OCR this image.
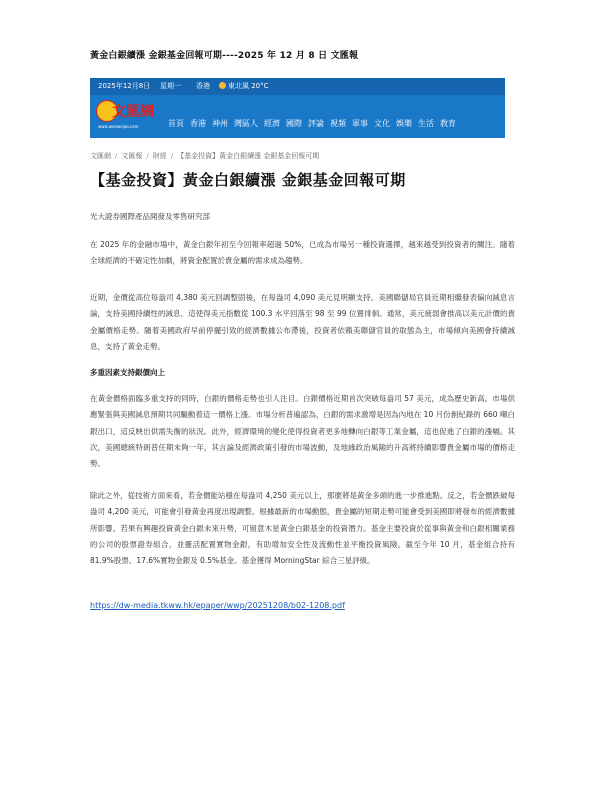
黃金白銀續漲 金銀基金回報可期----2025 年 12 月 8 日 文匯報
2025年12月8日 星期一 香港	東北風 20°C
文匯網
www.wenweipo.com	首頁 香港 神州 灣區人 經濟 國際 評論 視頻 軍事 文化 娛樂 生活 教育
文匯網 / 文匯報 / 財經 / 【基金投資】黃金白銀續漲 金銀基金回報可期
【基金投資】黃金白銀續漲 金銀基金回報可期
光大證券國際產品開發及零售研究部
在 2025 年的金融市場中，黃金白銀年初至今回報率超過 50%，已成為市場另一種投資選擇，越來越受到投資者的關注。隨着全球經濟的不確定性加劇，將資金配置於貴金屬的需求成為趨勢。
近期，金價從高位每盎司 4,380 美元回調整固後，在每盎司 4,090 美元見明顯支持。美國聯儲局官員近期相繼發表偏向減息言論，支持美國持續性的減息，這使得美元指數從 100.3 水平回落至 98 至 99 位置徘徊。通常，美元疲弱會推高以美元計價的貴金屬價格走勢。隨着美國政府早前停擺引致的經濟數據公布滯後，投資者依賴美聯儲官員的取態為主，市場傾向美國會持續減息，支持了黃金走勢。
多重因素支持銀價向上
在黃金價格面臨多重支持的同時，白銀的價格走勢也引人注目。白銀價格近期首次突破每盎司 57 美元，成為歷史新高。市場供應緊張與美國減息預期共同驅動着這一價格上漲。市場分析普遍認為，白銀的需求激增是因為內地在 10 月份創紀錄的 660 噸白銀出口，這反映出供需失衡的狀況。此外，經濟環境的變化使得投資者更多地轉向白銀等工業金屬，這也促進了白銀的漲幅。其次，美國總統特朗普任期未夠一年，其言論及經濟政策引發的市場波動，及地緣政治風險的升高將持續影響貴金屬市場的價格走勢。
除此之外，從技術方面來看，若金價能站穩在每盎司 4,250 美元以上，那麼將是黃金多頭的進一步推進點。反之，若金價跌破每盎司 4,200 美元，可能會引發黃金再度出現調整。根據最新的市場動態，貴金屬的短期走勢可能會受到美國即將發布的經濟數據所影響。若果有興趣投資黃金白銀未來升勢，可留意木星黃金白銀基金的投資潛力。基金主要投資於從事與黃金和白銀相關業務的公司的股票證券組合，並靈活配置實物金銀，有助增加安全性及流動性並平衡投資風險。截至今年 10 月，基金組合持有 81.9%股票、17.6%實物金銀及 0.5%基金。基金獲得 MorningStar 綜合三星評級。
https://dw-media.tkww.hk/epaper/wwp/20251208/b02-1208.pdf
